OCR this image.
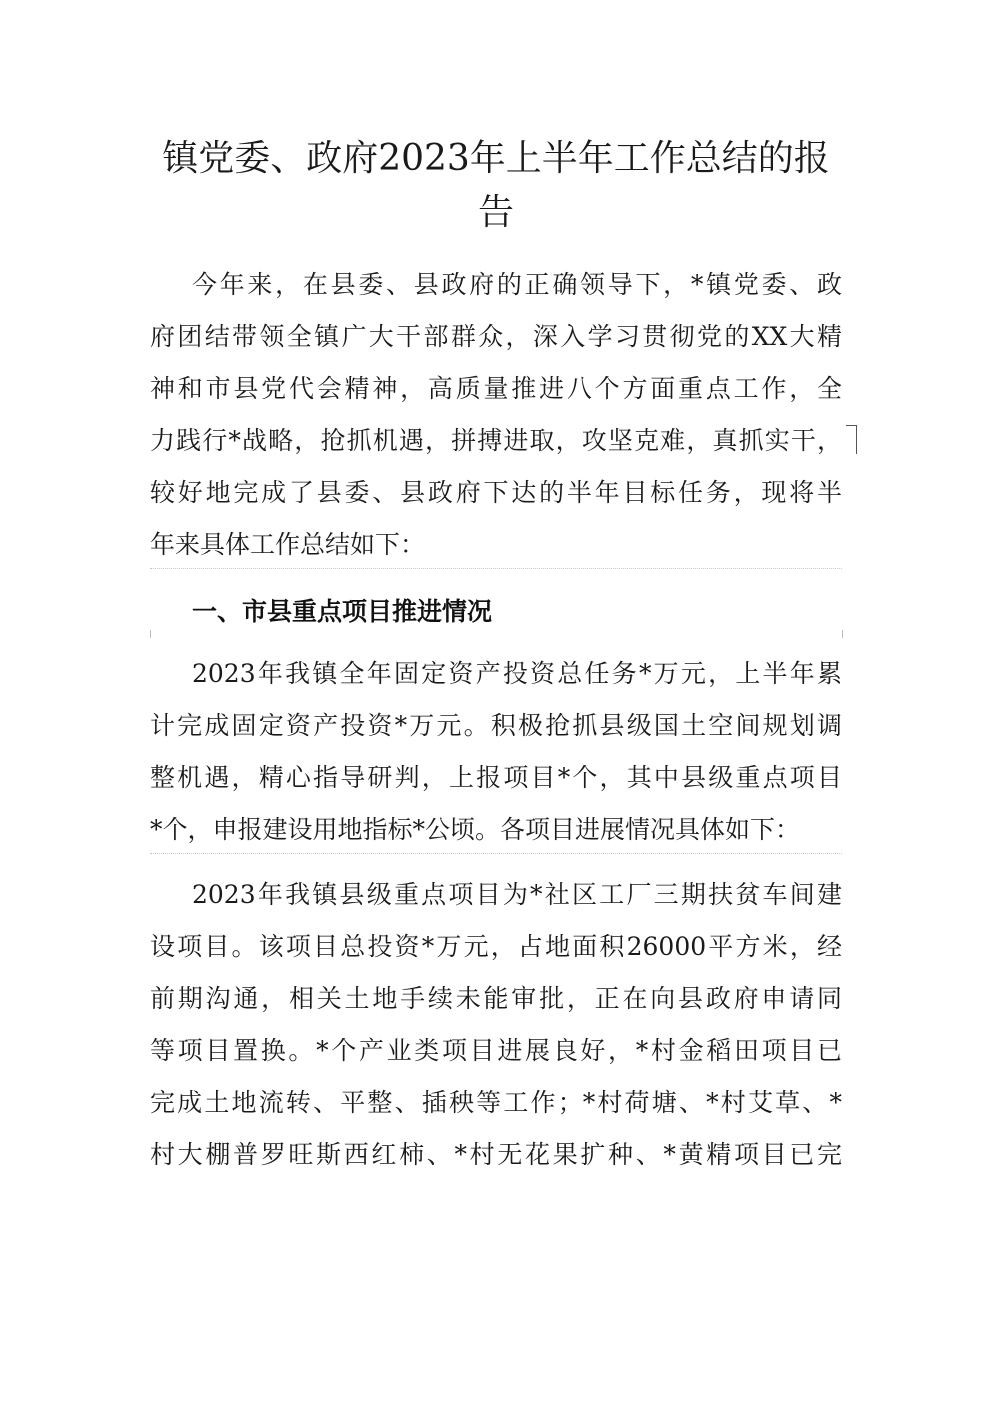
镇党委、政府2023年上半年工作总结的报
告
今年来，在县委、县政府的正确领导下，*镇党委、政
府团结带领全镇广大干部群众，深入学习贯彻党的XX大精
神和市县党代会精神，高质量推进八个方面重点工作，全
力践行*战略，抢抓机遇，拼搏进取，攻坚克难，真抓实干，
较好地完成了县委、县政府下达的半年目标任务，现将半
年来具体工作总结如下：
一、市县重点项目推进情况
2023年我镇全年固定资产投资总任务*万元，上半年累
计完成固定资产投资*万元。积极抢抓县级国土空间规划调
整机遇，精心指导研判，上报项目*个，其中县级重点项目
*个，申报建设用地指标*公顷。各项目进展情况具体如下：
2023年我镇县级重点项目为*社区工厂三期扶贫车间建
设项目。该项目总投资*万元，占地面积26000平方米，经
前期沟通，相关土地手续未能审批，正在向县政府申请同
等项目置换。*个产业类项目进展良好，*村金稻田项目已
完成土地流转、平整、插秧等工作；*村荷塘、*村艾草、*
村大棚普罗旺斯西红柿、*村无花果扩种、*黄精项目已完
